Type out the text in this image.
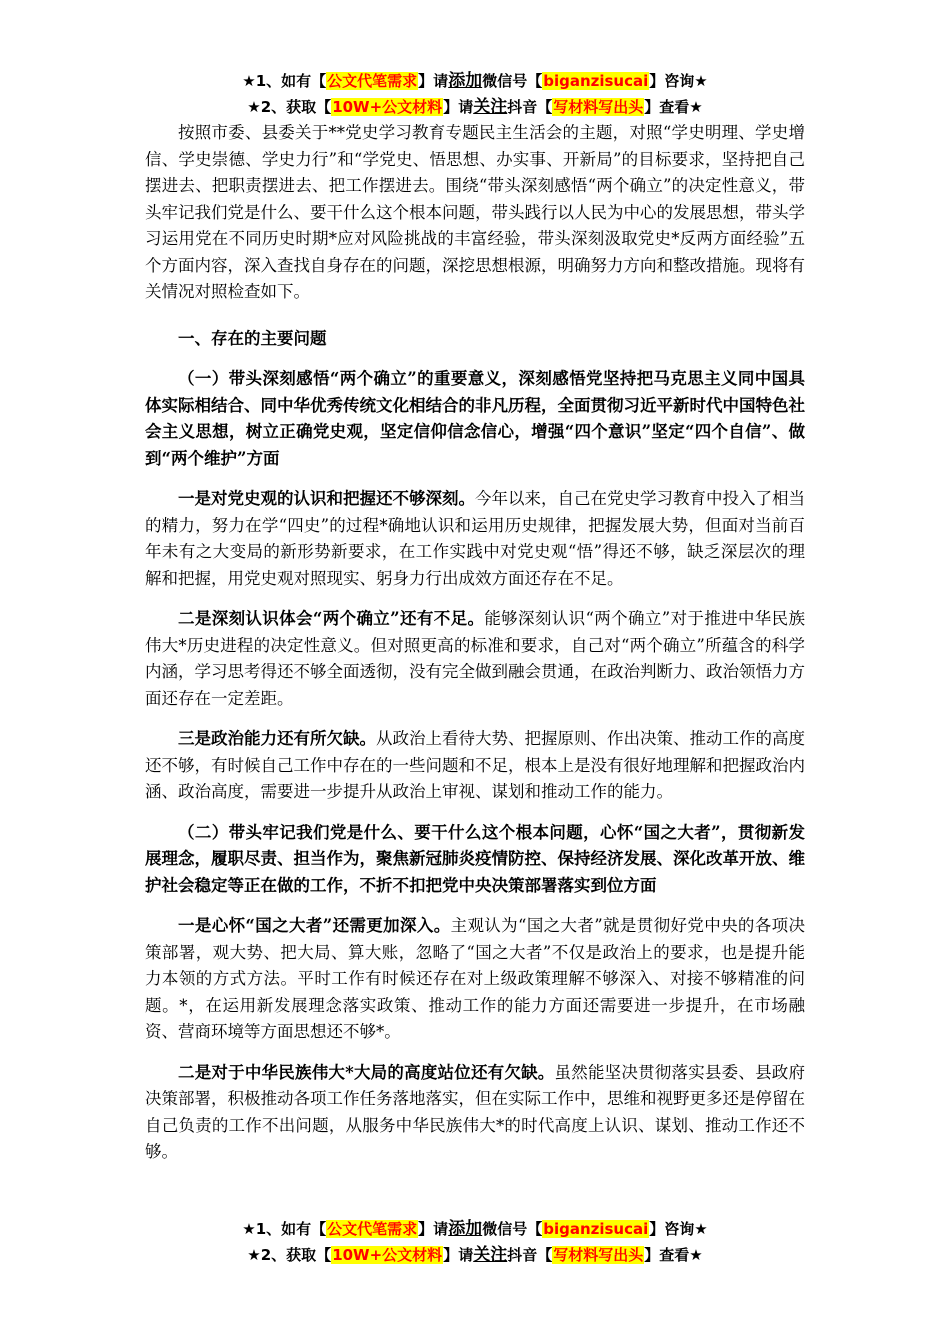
★1、如有【公文代笔需求】请添加微信号【biganzisucai】咨询★
★2、获取【10W+公文材料】请关注抖音【写材料写出头】查看★

按照市委、县委关于**党史学习教育专题民主生活会的主题，对照“学史明理、学史增信、学史崇德、学史力行”和“学党史、悟思想、办实事、开新局”的目标要求，坚持把自己摆进去、把职责摆进去、把工作摆进去。围绕“带头深刻感悟“两个确立”的决定性意义，带头牢记我们党是什么、要干什么这个根本问题，带头践行以人民为中心的发展思想，带头学习运用党在不同历史时期*应对风险挑战的丰富经验，带头深刻汲取党史*反两方面经验”五个方面内容，深入查找自身存在的问题，深挖思想根源，明确努力方向和整改措施。现将有关情况对照检查如下。

一、存在的主要问题

（一）带头深刻感悟“两个确立”的重要意义，深刻感悟党坚持把马克思主义同中国具体实际相结合、同中华优秀传统文化相结合的非凡历程，全面贯彻习近平新时代中国特色社会主义思想，树立正确党史观，坚定信仰信念信心，增强“四个意识”坚定“四个自信”、做到“两个维护”方面

一是对党史观的认识和把握还不够深刻。今年以来，自己在党史学习教育中投入了相当的精力，努力在学“四史”的过程*确地认识和运用历史规律，把握发展大势，但面对当前百年未有之大变局的新形势新要求，在工作实践中对党史观“悟”得还不够，缺乏深层次的理解和把握，用党史观对照现实、躬身力行出成效方面还存在不足。

二是深刻认识体会“两个确立”还有不足。能够深刻认识“两个确立”对于推进中华民族伟大*历史进程的决定性意义。但对照更高的标准和要求，自己对“两个确立”所蕴含的科学内涵，学习思考得还不够全面透彻，没有完全做到融会贯通，在政治判断力、政治领悟力方面还存在一定差距。

三是政治能力还有所欠缺。从政治上看待大势、把握原则、作出决策、推动工作的高度还不够，有时候自己工作中存在的一些问题和不足，根本上是没有很好地理解和把握政治内涵、政治高度，需要进一步提升从政治上审视、谋划和推动工作的能力。

（二）带头牢记我们党是什么、要干什么这个根本问题，心怀“国之大者”，贯彻新发展理念，履职尽责、担当作为，聚焦新冠肺炎疫情防控、保持经济发展、深化改革开放、维护社会稳定等正在做的工作，不折不扣把党中央决策部署落实到位方面

一是心怀“国之大者”还需更加深入。主观认为“国之大者”就是贯彻好党中央的各项决策部署，观大势、把大局、算大账，忽略了“国之大者”不仅是政治上的要求，也是提升能力本领的方式方法。平时工作有时候还存在对上级政策理解不够深入、对接不够精准的问题。*，在运用新发展理念落实政策、推动工作的能力方面还需要进一步提升，在市场融资、营商环境等方面思想还不够*。

二是对于中华民族伟大*大局的高度站位还有欠缺。虽然能坚决贯彻落实县委、县政府决策部署，积极推动各项工作任务落地落实，但在实际工作中，思维和视野更多还是停留在自己负责的工作不出问题，从服务中华民族伟大*的时代高度上认识、谋划、推动工作还不够。

★1、如有【公文代笔需求】请添加微信号【biganzisucai】咨询★
★2、获取【10W+公文材料】请关注抖音【写材料写出头】查看★
